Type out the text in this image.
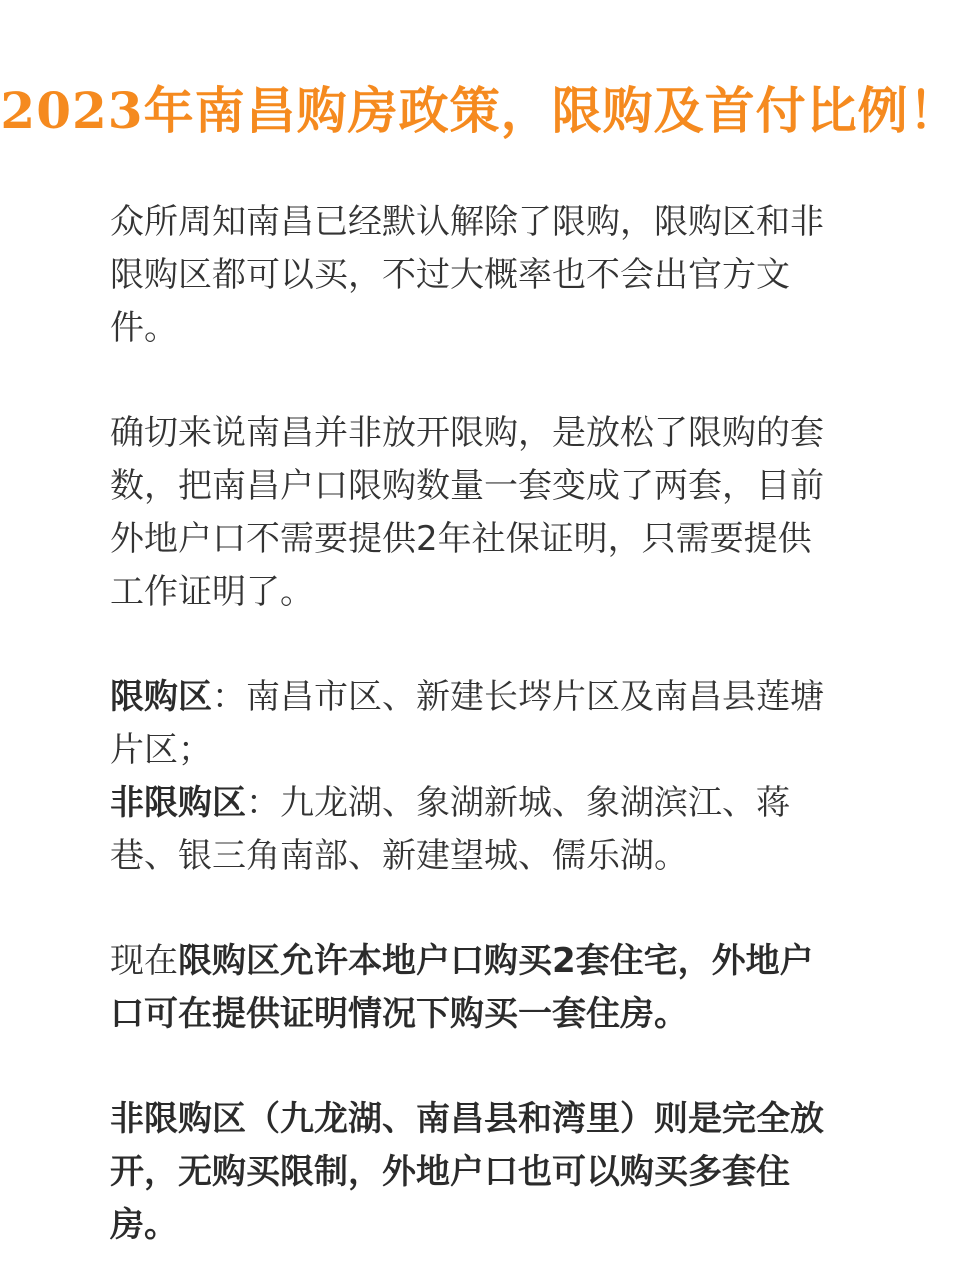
2023年南昌购房政策，限购及首付比例！

众所周知南昌已经默认解除了限购，限购区和非限购区都可以买，不过大概率也不会出官方文件。

确切来说南昌并非放开限购，是放松了限购的套数，把南昌户口限购数量一套变成了两套，目前外地户口不需要提供2年社保证明，只需要提供工作证明了。

限购区：南昌市区、新建长埁片区及南昌县莲塘片区；

非限购区：九龙湖、象湖新城、象湖滨江、蒋巷、银三角南部、新建望城、儒乐湖。

现在限购区允许本地户口购买2套住宅，外地户口可在提供证明情况下购买一套住房。

非限购区（九龙湖、南昌县和湾里）则是完全放开，无购买限制，外地户口也可以购买多套住房。
